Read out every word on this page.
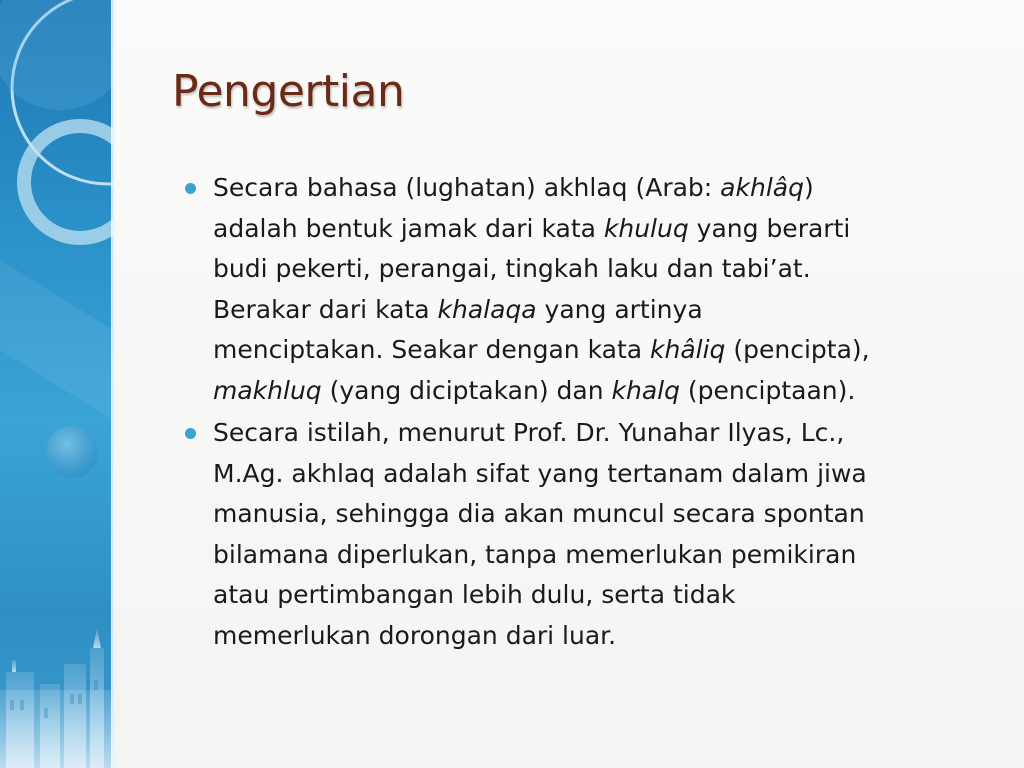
Pengertian
Secara bahasa (lughatan) akhlaq (Arab: akhlâq)
adalah bentuk jamak dari kata khuluq yang berarti
budi pekerti, perangai, tingkah laku dan tabi’at.
Berakar dari kata khalaqa yang artinya
menciptakan. Seakar dengan kata khâliq (pencipta),
makhluq (yang diciptakan) dan khalq (penciptaan).
Secara istilah, menurut Prof. Dr. Yunahar Ilyas, Lc.,
M.Ag. akhlaq adalah sifat yang tertanam dalam jiwa
manusia, sehingga dia akan muncul secara spontan
bilamana diperlukan, tanpa memerlukan pemikiran
atau pertimbangan lebih dulu, serta tidak
memerlukan dorongan dari luar.
